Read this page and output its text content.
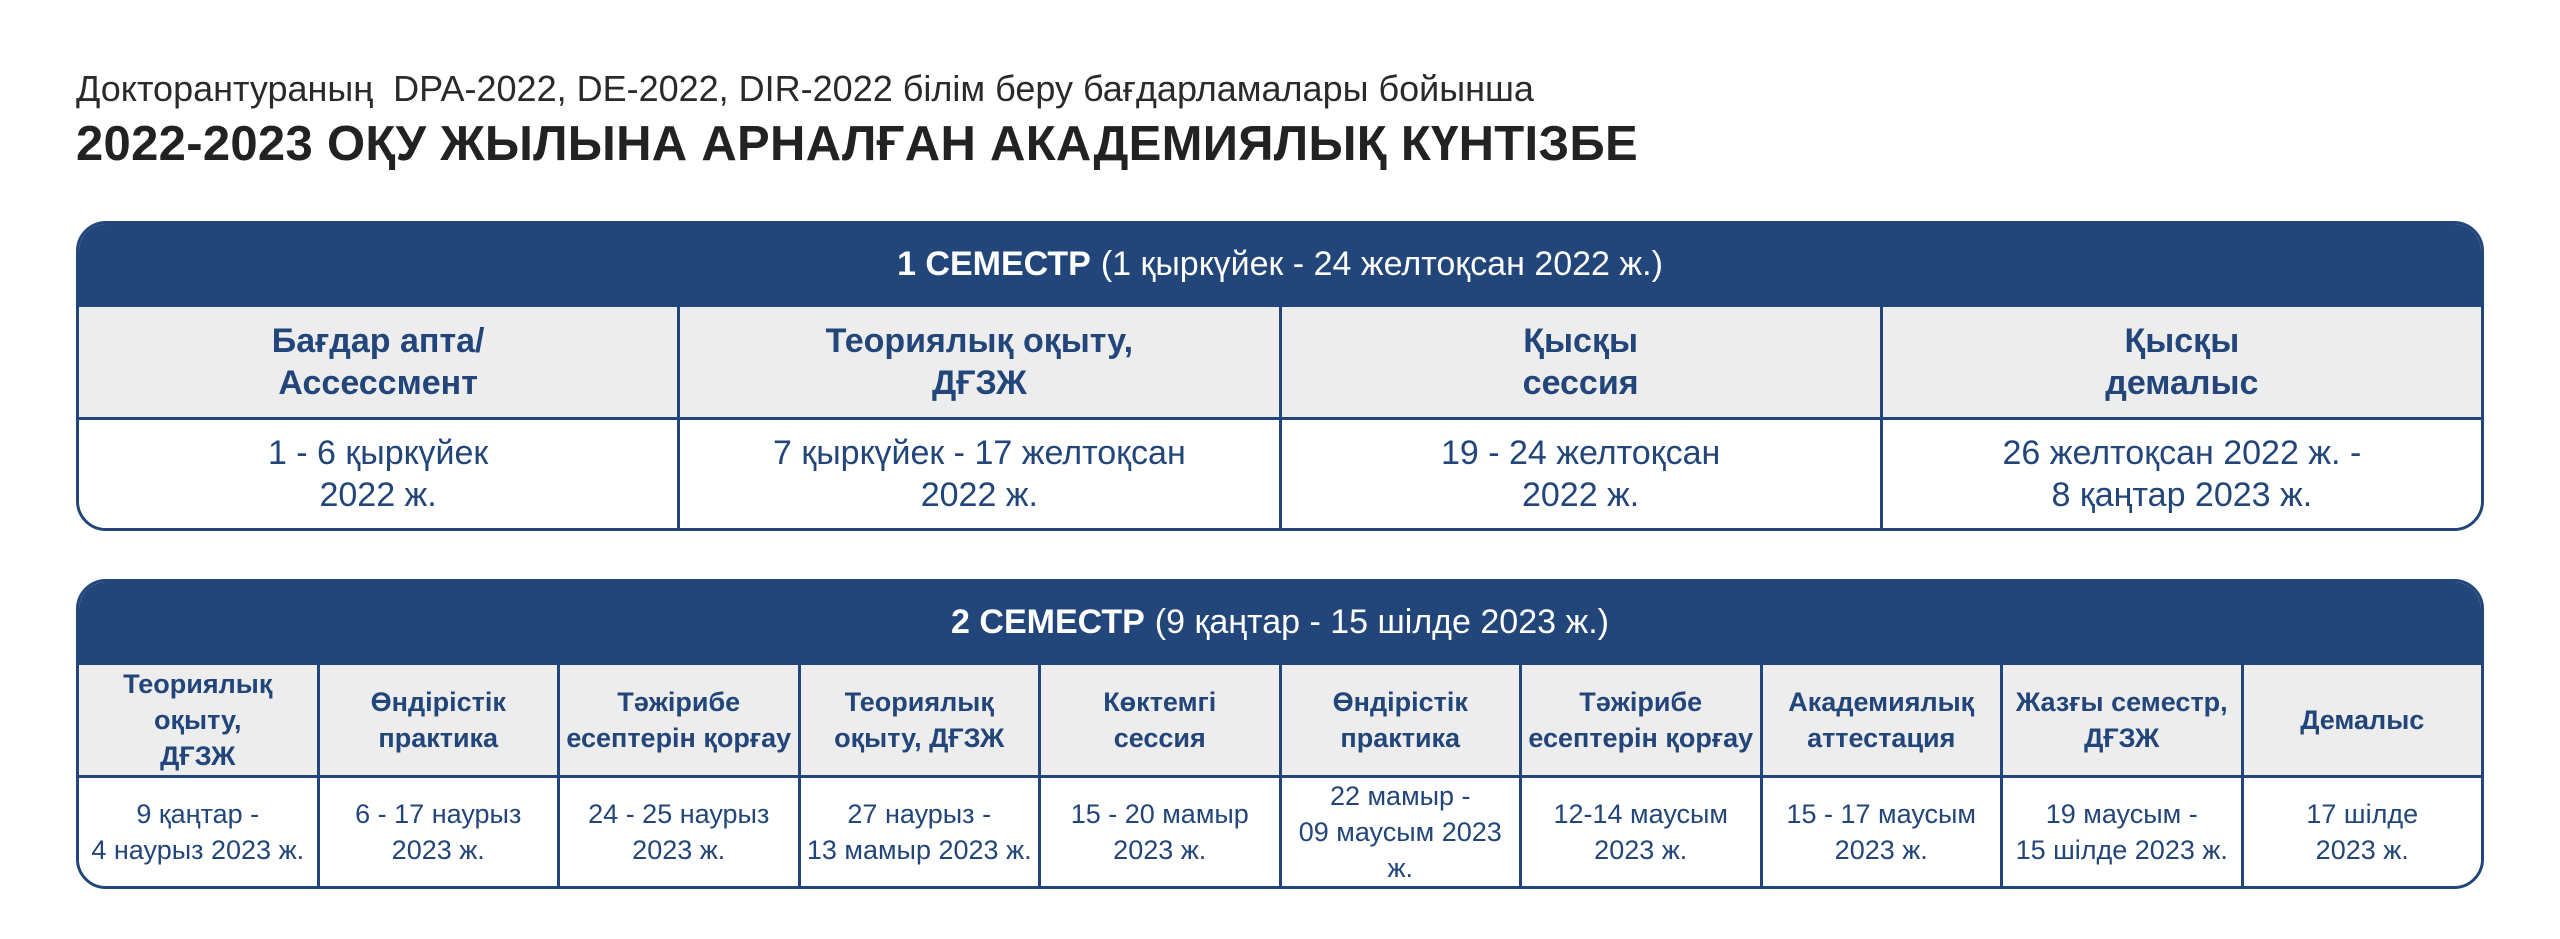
Докторантураның  DPA-2022, DE-2022, DIR-2022 білім беру бағдарламалары бойынша
2022-2023 ОҚУ ЖЫЛЫНА АРНАЛҒАН АКАДЕМИЯЛЫҚ КҮНТІЗБЕ
1 СЕМЕСТР (1 қыркүйек - 24 желтоқсан 2022 ж.)
Бағдар апта/
Ассессмент
Теориялық оқыту,
ДҒЗЖ
Қысқы
сессия
Қысқы
демалыс
1 - 6 қыркүйек
2022 ж.
7 қыркүйек - 17 желтоқсан
2022 ж.
19 - 24 желтоқсан
2022 ж.
26 желтоқсан 2022 ж. -
8 қаңтар 2023 ж.
2 СЕМЕСТР (9 қаңтар - 15 шілде 2023 ж.)
Теориялық оқыту,
ДҒЗЖ
Өндірістік
практика
Тәжірибе
есептерін қорғау
Теориялық
оқыту, ДҒЗЖ
Көктемгі
сессия
Өндірістік
практика
Тәжірибе
есептерін қорғау
Академиялық
аттестация
Жазғы семестр,
ДҒЗЖ
Демалыс
9 қаңтар -
4 наурыз 2023 ж.
6 - 17 наурыз
2023 ж.
24 - 25 наурыз
2023 ж.
27 наурыз -
13 мамыр 2023 ж.
15 - 20 мамыр
2023 ж.
22 мамыр -
09 маусым 2023 ж.
12-14 маусым
2023 ж.
15 - 17 маусым
2023 ж.
19 маусым -
15 шілде 2023 ж.
17 шілде
2023 ж.
